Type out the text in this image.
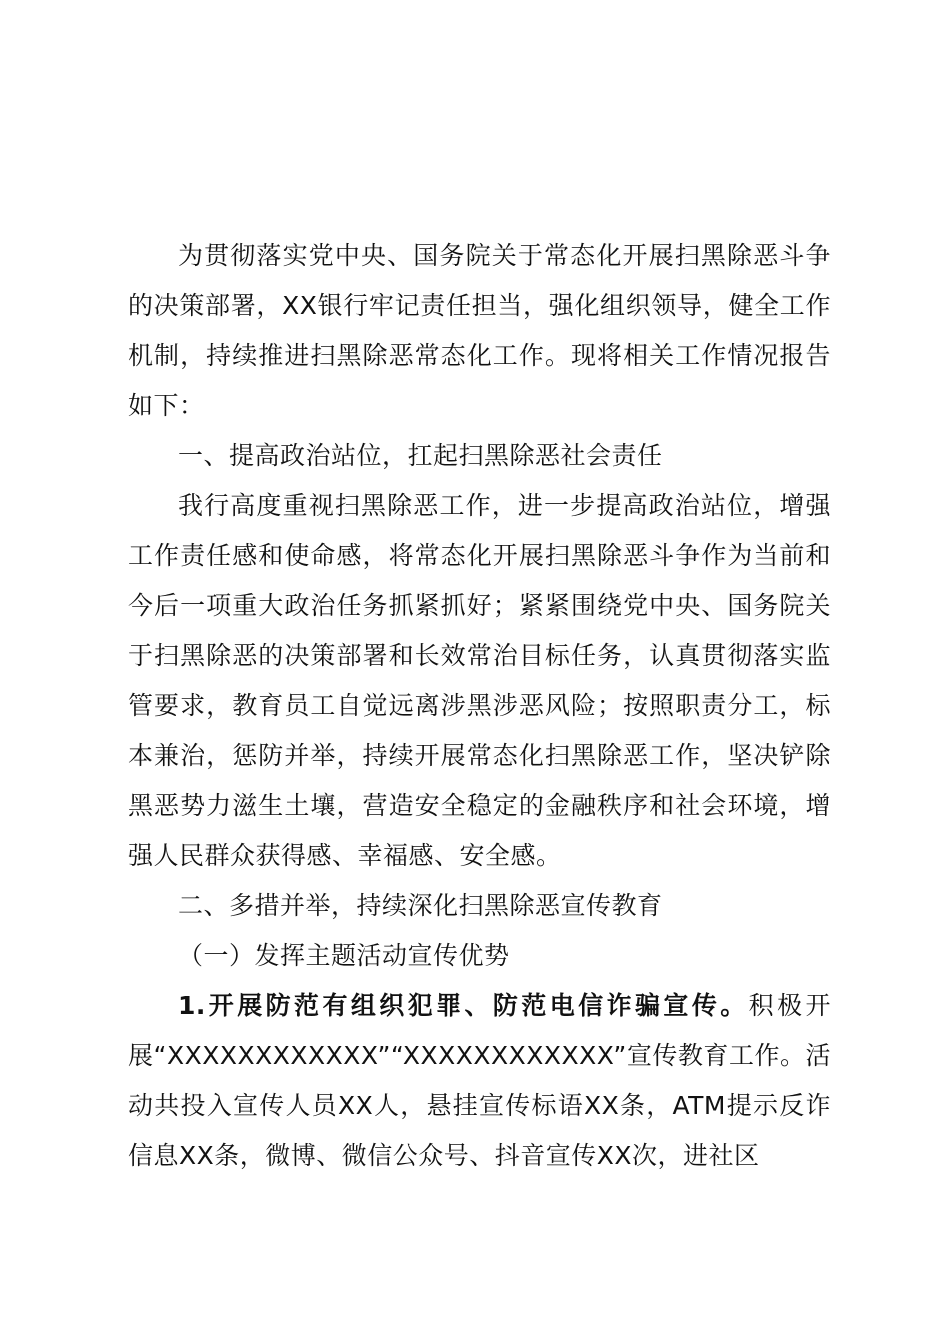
为贯彻落实党中央、国务院关于常态化开展扫黑除恶斗争的决策部署，XX银行牢记责任担当，强化组织领导，健全工作机制，持续推进扫黑除恶常态化工作。现将相关工作情况报告如下：

一、提高政治站位，扛起扫黑除恶社会责任

我行高度重视扫黑除恶工作，进一步提高政治站位，增强工作责任感和使命感，将常态化开展扫黑除恶斗争作为当前和今后一项重大政治任务抓紧抓好；紧紧围绕党中央、国务院关于扫黑除恶的决策部署和长效常治目标任务，认真贯彻落实监管要求，教育员工自觉远离涉黑涉恶风险；按照职责分工，标本兼治，惩防并举，持续开展常态化扫黑除恶工作，坚决铲除黑恶势力滋生土壤，营造安全稳定的金融秩序和社会环境，增强人民群众获得感、幸福感、安全感。

二、多措并举，持续深化扫黑除恶宣传教育

（一）发挥主题活动宣传优势

1.开展防范有组织犯罪、防范电信诈骗宣传。积极开展“XXXXXXXXXXXX”“XXXXXXXXXXXX”宣传教育工作。活动共投入宣传人员XX人，悬挂宣传标语XX条，ATM提示反诈信息XX条，微博、微信公众号、抖音宣传XX次，进社区
